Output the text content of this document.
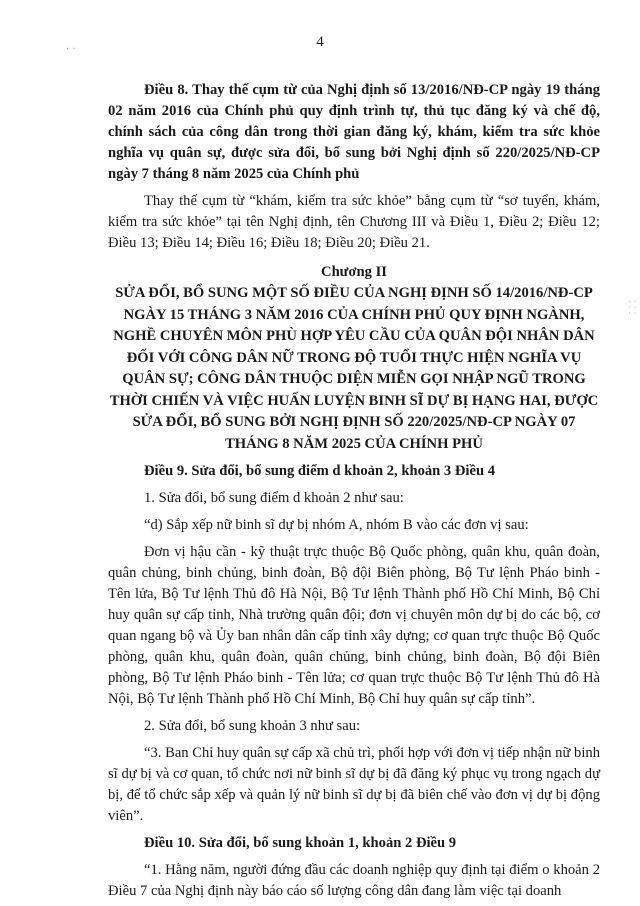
· ·
⁚ ⁚ ⁚
4

Điều 8. Thay thế cụm từ của Nghị định số 13/2016/NĐ-CP ngày 19 tháng 02 năm 2016 của Chính phủ quy định trình tự, thủ tục đăng ký và chế độ, chính sách của công dân trong thời gian đăng ký, khám, kiểm tra sức khỏe nghĩa vụ quân sự, được sửa đổi, bổ sung bởi Nghị định số 220/2025/NĐ-CP ngày 7 tháng 8 năm 2025 của Chính phủ

Thay thế cụm từ “khám, kiểm tra sức khỏe” bằng cụm từ “sơ tuyển, khám, kiểm tra sức khỏe” tại tên Nghị định, tên Chương III và Điều 1, Điều 2; Điều 12; Điều 13; Điều 14; Điều 16; Điều 18; Điều 20; Điều 21.

Chương II

SỬA ĐỔI, BỔ SUNG MỘT SỐ ĐIỀU CỦA NGHỊ ĐỊNH SỐ 14/2016/NĐ-CP NGÀY 15 THÁNG 3 NĂM 2016 CỦA CHÍNH PHỦ QUY ĐỊNH NGÀNH, NGHỀ CHUYÊN MÔN PHÙ HỢP YÊU CẦU CỦA QUÂN ĐỘI NHÂN DÂN ĐỐI VỚI CÔNG DÂN NỮ TRONG ĐỘ TUỔI THỰC HIỆN NGHĨA VỤ QUÂN SỰ; CÔNG DÂN THUỘC DIỆN MIỄN GỌI NHẬP NGŨ TRONG THỜI CHIẾN VÀ VIỆC HUẤN LUYỆN BINH SĨ DỰ BỊ HẠNG HAI, ĐƯỢC SỬA ĐỔI, BỔ SUNG BỞI NGHỊ ĐỊNH SỐ 220/2025/NĐ-CP NGÀY 07 THÁNG 8 NĂM 2025 CỦA CHÍNH PHỦ

Điều 9. Sửa đổi, bổ sung điểm d khoản 2, khoản 3 Điều 4

1. Sửa đổi, bổ sung điểm d khoản 2 như sau:

“d) Sắp xếp nữ binh sĩ dự bị nhóm A, nhóm B vào các đơn vị sau:

Đơn vị hậu cần - kỹ thuật trực thuộc Bộ Quốc phòng, quân khu, quân đoàn, quân chủng, binh chủng, binh đoàn, Bộ đội Biên phòng, Bộ Tư lệnh Pháo binh - Tên lửa, Bộ Tư lệnh Thủ đô Hà Nội, Bộ Tư lệnh Thành phố Hồ Chí Minh, Bộ Chỉ huy quân sự cấp tỉnh, Nhà trường quân đội; đơn vị chuyên môn dự bị do các bộ, cơ quan ngang bộ và Ủy ban nhân dân cấp tỉnh xây dựng; cơ quan trực thuộc Bộ Quốc phòng, quân khu, quân đoàn, quân chủng, binh chủng, binh đoàn, Bộ đội Biên phòng, Bộ Tư lệnh Pháo binh - Tên lửa; cơ quan trực thuộc Bộ Tư lệnh Thủ đô Hà Nội, Bộ Tư lệnh Thành phố Hồ Chí Minh, Bộ Chỉ huy quân sự cấp tỉnh”.

2. Sửa đổi, bổ sung khoản 3 như sau:

“3. Ban Chỉ huy quân sự cấp xã chủ trì, phối hợp với đơn vị tiếp nhận nữ binh sĩ dự bị và cơ quan, tổ chức nơi nữ binh sĩ dự bị đã đăng ký phục vụ trong ngạch dự bị, để tổ chức sắp xếp và quản lý nữ binh sĩ dự bị đã biên chế vào đơn vị dự bị động viên”.

Điều 10. Sửa đổi, bổ sung khoản 1, khoản 2 Điều 9

“1. Hằng năm, người đứng đầu các doanh nghiệp quy định tại điểm o khoản 2 Điều 7 của Nghị định này báo cáo số lượng công dân đang làm việc tại doanh
